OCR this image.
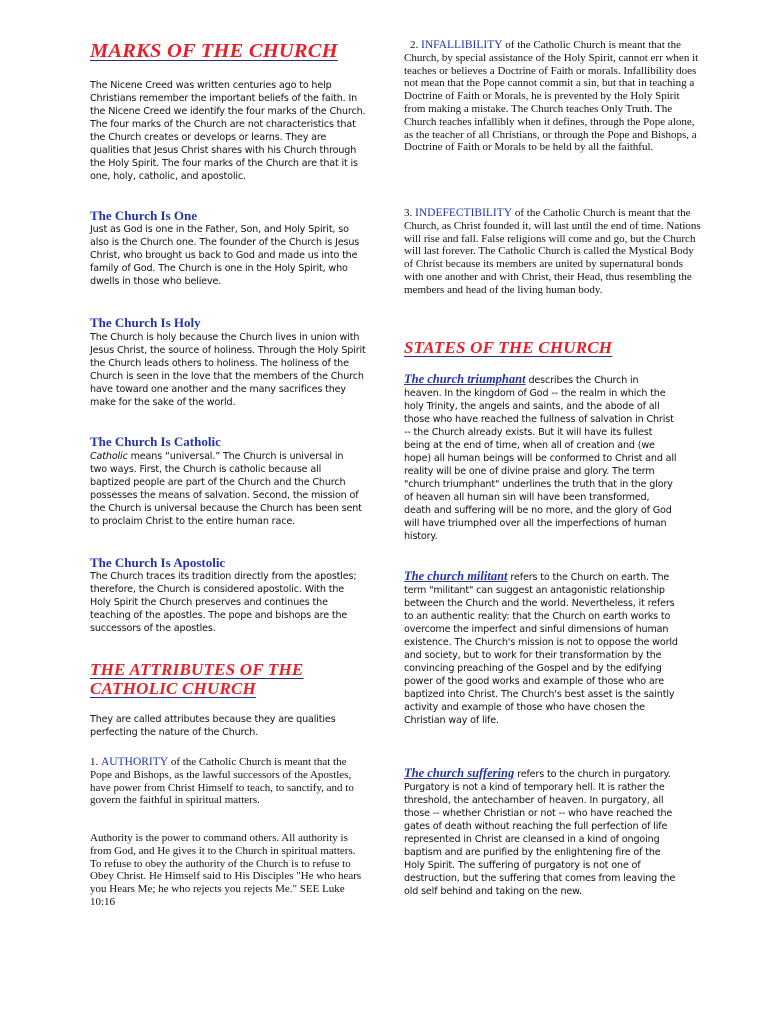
MARKS OF THE CHURCH

The Nicene Creed was written centuries ago to help Christians remember the important beliefs of the faith. In the Nicene Creed we identify the four marks of the Church. The four marks of the Church are not characteristics that the Church creates or develops or learns. They are qualities that Jesus Christ shares with his Church through the Holy Spirit. The four marks of the Church are that it is one, holy, catholic, and apostolic.

The Church Is One

Just as God is one in the Father, Son, and Holy Spirit, so also is the Church one. The founder of the Church is Jesus Christ, who brought us back to God and made us into the family of God. The Church is one in the Holy Spirit, who dwells in those who believe.

The Church Is Holy

The Church is holy because the Church lives in union with Jesus Christ, the source of holiness. Through the Holy Spirit the Church leads others to holiness. The holiness of the Church is seen in the love that the members of the Church have toward one another and the many sacrifices they make for the sake of the world.

The Church Is Catholic

Catholic means “universal.” The Church is universal in two ways. First, the Church is catholic because all baptized people are part of the Church and the Church possesses the means of salvation. Second, the mission of the Church is universal because the Church has been sent to proclaim Christ to the entire human race.

The Church Is Apostolic

The Church traces its tradition directly from the apostles; therefore, the Church is considered apostolic. With the Holy Spirit the Church preserves and continues the teaching of the apostles. The pope and bishops are the successors of the apostles.

THE ATTRIBUTES OF THE CATHOLIC CHURCH

They are called attributes because they are qualities perfecting the nature of the Church.

1. AUTHORITY of the Catholic Church is meant that the Pope and Bishops, as the lawful successors of the Apostles, have power from Christ Himself to teach, to sanctify, and to govern the faithful in spiritual matters.

Authority is the power to command others. All authority is from God, and He gives it to the Church in spiritual matters. To refuse to obey the authority of the Church is to refuse to Obey Christ. He Himself said to His Disciples "He who hears you Hears Me; he who rejects you rejects Me." SEE Luke 10:16

2. INFALLIBILITY of the Catholic Church is meant that the Church, by special assistance of the Holy Spirit, cannot err when it teaches or believes a Doctrine of Faith or morals. Infallibility does not mean that the Pope cannot commit a sin, but that in teaching a Doctrine of Faith or Morals, he is prevented by the Holy Spirit from making a mistake. The Church teaches Only Truth. The Church teaches infallibly when it defines, through the Pope alone, as the teacher of all Christians, or through the Pope and Bishops, a Doctrine of Faith or Morals to be held by all the faithful.

3. INDEFECTIBILITY of the Catholic Church is meant that the Church, as Christ founded it, will last until the end of time. Nations will rise and fall. False religions will come and go, but the Church will last forever. The Catholic Church is called the Mystical Body of Christ because its members are united by supernatural bonds with one another and with Christ, their Head, thus resembling the members and head of the living human body.

STATES OF THE CHURCH

The church triumphant describes the Church in heaven. In the kingdom of God -- the realm in which the holy Trinity, the angels and saints, and the abode of all those who have reached the fullness of salvation in Christ -- the Church already exists. But it will have its fullest being at the end of time, when all of creation and (we hope) all human beings will be conformed to Christ and all reality will be one of divine praise and glory. The term "church triumphant" underlines the truth that in the glory of heaven all human sin will have been transformed, death and suffering will be no more, and the glory of God will have triumphed over all the imperfections of human history.

The church militant refers to the Church on earth. The term "militant" can suggest an antagonistic relationship between the Church and the world. Nevertheless, it refers to an authentic reality: that the Church on earth works to overcome the imperfect and sinful dimensions of human existence. The Church's mission is not to oppose the world and society, but to work for their transformation by the convincing preaching of the Gospel and by the edifying power of the good works and example of those who are baptized into Christ. The Church's best asset is the saintly activity and example of those who have chosen the Christian way of life.

The church suffering refers to the church in purgatory. Purgatory is not a kind of temporary hell. It is rather the threshold, the antechamber of heaven. In purgatory, all those -- whether Christian or not -- who have reached the gates of death without reaching the full perfection of life represented in Christ are cleansed in a kind of ongoing baptism and are purified by the enlightening fire of the Holy Spirit. The suffering of purgatory is not one of destruction, but the suffering that comes from leaving the old self behind and taking on the new.
